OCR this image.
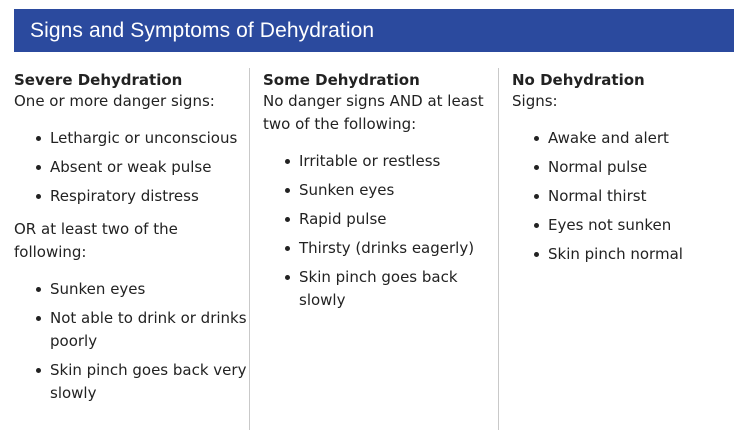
Signs and Symptoms of Dehydration

Severe Dehydration

One or more danger signs:

Lethargic or unconscious
Absent or weak pulse
Respiratory distress

OR at least two of the following:

Sunken eyes
Not able to drink or drinks poorly
Skin pinch goes back very slowly

Some Dehydration

No danger signs AND at least two of the following:

Irritable or restless
Sunken eyes
Rapid pulse
Thirsty (drinks eagerly)
Skin pinch goes back slowly

No Dehydration

Signs:

Awake and alert
Normal pulse
Normal thirst
Eyes not sunken
Skin pinch normal
